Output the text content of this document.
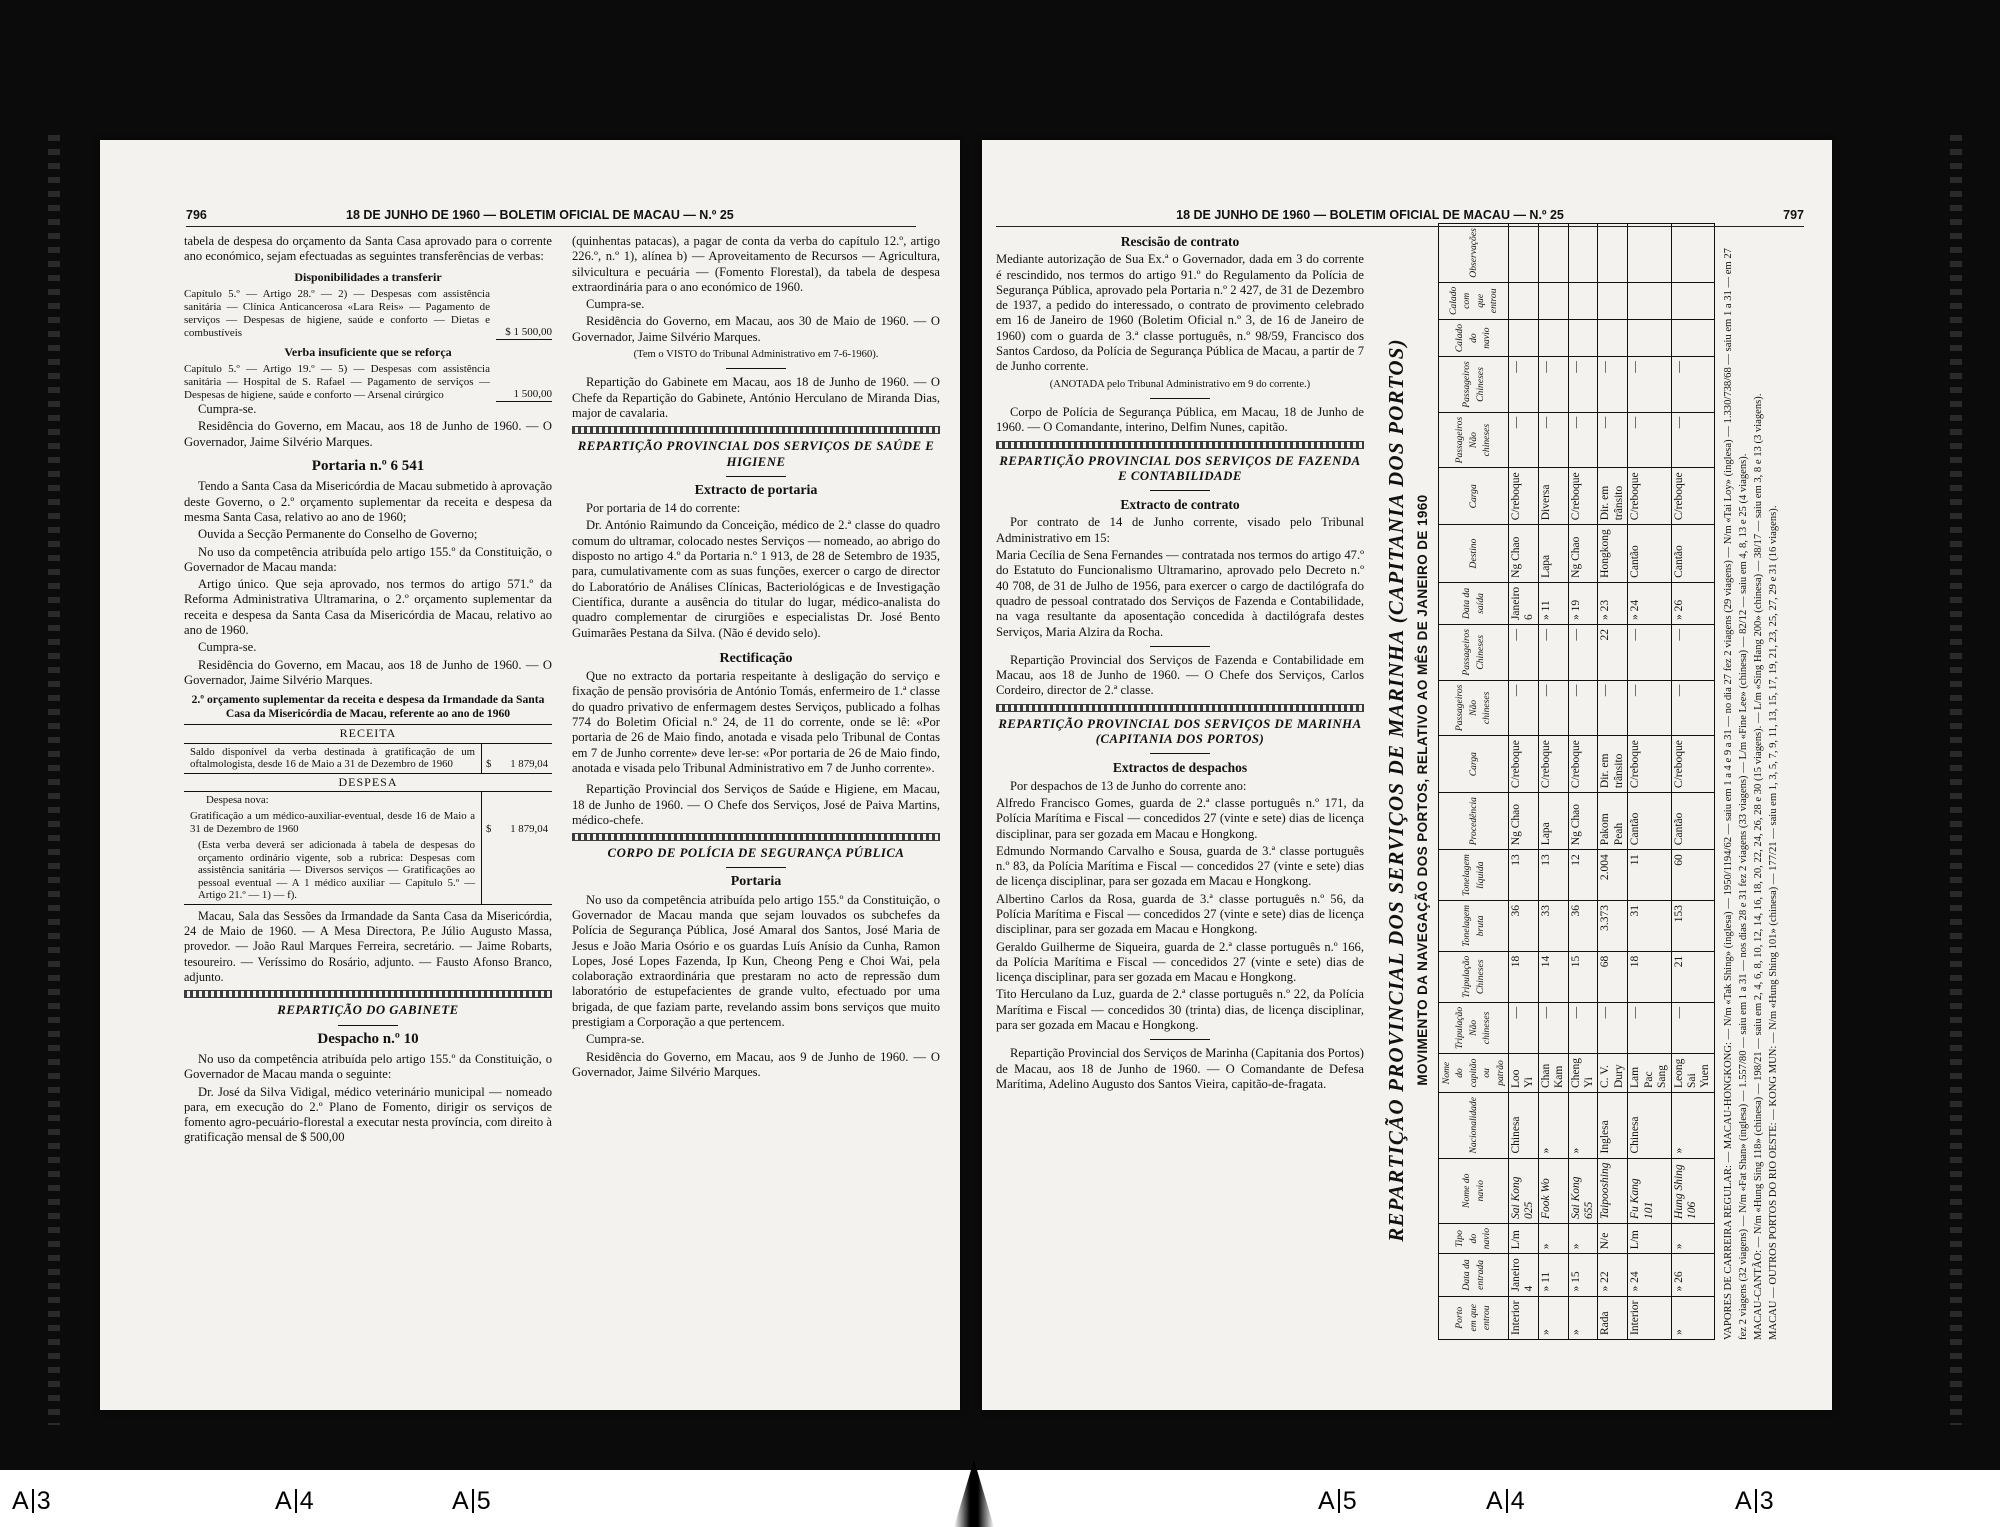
796	18 DE JUNHO DE 1960 — BOLETIM OFICIAL DE MACAU — N.º 25

tabela de despesa do orçamento da Santa Casa aprovado para o corrente ano económico, sejam efectuadas as seguintes transferências de verbas:

Disponibilidades a transferir
Capítulo 5.º — Artigo 28.º — 2) — Despesas com assistência sanitária — Clínica Anticancerosa «Lara Reis» — Pagamento de serviços — Despesas de higiene, saúde e conforto — Dietas e combustíveis	$ 1 500,00
Verba insuficiente que se reforça
Capítulo 5.º — Artigo 19.º — 5) — Despesas com assistência sanitária — Hospital de S. Rafael — Pagamento de serviços — Despesas de higiene, saúde e conforto — Arsenal cirúrgico	1 500,00

Cumpra-se.

Residência do Governo, em Macau, aos 18 de Junho de 1960. — O Governador, Jaime Silvério Marques.

Portaria n.º 6 541

Tendo a Santa Casa da Misericórdia de Macau submetido à aprovação deste Governo, o 2.º orçamento suplementar da receita e despesa da mesma Santa Casa, relativo ao ano de 1960;

Ouvida a Secção Permanente do Conselho de Governo;

No uso da competência atribuída pelo artigo 155.º da Constituição, o Governador de Macau manda:

Artigo único. Que seja aprovado, nos termos do artigo 571.º da Reforma Administrativa Ultramarina, o 2.º orçamento suplementar da receita e despesa da Santa Casa da Misericórdia de Macau, relativo ao ano de 1960.

Cumpra-se.

Residência do Governo, em Macau, aos 18 de Junho de 1960. — O Governador, Jaime Silvério Marques.

2.º orçamento suplementar da receita e despesa da Irmandade da Santa Casa da Misericórdia de Macau, referente ao ano de 1960
RECEITA
Saldo disponível da verba destinada à gratificação de um oftalmologista, desde 16 de Maio a 31 de Dezembro de 1960	$ 1 879,04
DESPESA
Despesa nova:
Gratificação a um médico-auxiliar-eventual, desde 16 de Maio a 31 de Dezembro de 1960	$ 1 879,04
(Esta verba deverá ser adicionada à tabela de despesas do orçamento ordinário vigente, sob a rubrica: Despesas com assistência sanitária — Diversos serviços — Gratificações ao pessoal eventual — A 1 médico auxiliar — Capítulo 5.º — Artigo 21.º — 1) — f).

Macau, Sala das Sessões da Irmandade da Santa Casa da Misericórdia, 24 de Maio de 1960. — A Mesa Directora, P.e Júlio Augusto Massa, provedor. — João Raul Marques Ferreira, secretário. — Jaime Robarts, tesoureiro. — Veríssimo do Rosário, adjunto. — Fausto Afonso Branco, adjunto.

REPARTIÇÃO DO GABINETE
Despacho n.º 10

No uso da competência atribuída pelo artigo 155.º da Constituição, o Governador de Macau manda o seguinte:

Dr. José da Silva Vidigal, médico veterinário municipal — nomeado para, em execução do 2.º Plano de Fomento, dirigir os serviços de fomento agro-pecuário-florestal a executar nesta província, com direito à gratificação mensal de $ 500,00

(quinhentas patacas), a pagar de conta da verba do capítulo 12.º, artigo 226.º, n.º 1), alínea b) — Aproveitamento de Recursos — Agricultura, silvicultura e pecuária — (Fomento Florestal), da tabela de despesa extraordinária para o ano económico de 1960.

Cumpra-se.

Residência do Governo, em Macau, aos 30 de Maio de 1960. — O Governador, Jaime Silvério Marques.

(Tem o VISTO do Tribunal Administrativo em 7-6-1960).

Repartição do Gabinete em Macau, aos 18 de Junho de 1960. — O Chefe da Repartição do Gabinete, António Herculano de Miranda Dias, major de cavalaria.

REPARTIÇÃO PROVINCIAL DOS SERVIÇOS DE SAÚDE E HIGIENE
Extracto de portaria

Por portaria de 14 do corrente:

Dr. António Raimundo da Conceição, médico de 2.ª classe do quadro comum do ultramar, colocado nestes Serviços — nomeado, ao abrigo do disposto no artigo 4.º da Portaria n.º 1 913, de 28 de Setembro de 1935, para, cumulativamente com as suas funções, exercer o cargo de director do Laboratório de Análises Clínicas, Bacteriológicas e de Investigação Científica, durante a ausência do titular do lugar, médico-analista do quadro complementar de cirurgiões e especialistas Dr. José Bento Guimarães Pestana da Silva. (Não é devido selo).

Rectificação

Que no extracto da portaria respeitante à desligação do serviço e fixação de pensão provisória de António Tomás, enfermeiro de 1.ª classe do quadro privativo de enfermagem destes Serviços, publicado a folhas 774 do Boletim Oficial n.º 24, de 11 do corrente, onde se lê: «Por portaria de 26 de Maio findo, anotada e visada pelo Tribunal de Contas em 7 de Junho corrente» deve ler-se: «Por portaria de 26 de Maio findo, anotada e visada pelo Tribunal Administrativo em 7 de Junho corrente».

Repartição Provincial dos Serviços de Saúde e Higiene, em Macau, 18 de Junho de 1960. — O Chefe dos Serviços, José de Paiva Martins, médico-chefe.

CORPO DE POLÍCIA DE SEGURANÇA PÚBLICA
Portaria

No uso da competência atribuída pelo artigo 155.º da Constituição, o Governador de Macau manda que sejam louvados os subchefes da Polícia de Segurança Pública, José Amaral dos Santos, José Maria de Jesus e João Maria Osório e os guardas Luís Anísio da Cunha, Ramon Lopes, José Lopes Fazenda, Ip Kun, Cheong Peng e Choi Wai, pela colaboração extraordinária que prestaram no acto de repressão dum laboratório de estupefacientes de grande vulto, efectuado por uma brigada, de que faziam parte, revelando assim bons serviços que muito prestigiam a Corporação a que pertencem.

Cumpra-se.

Residência do Governo, em Macau, aos 9 de Junho de 1960. — O Governador, Jaime Silvério Marques.

18 DE JUNHO DE 1960 — BOLETIM OFICIAL DE MACAU — N.º 25	797
Rescisão de contrato

Mediante autorização de Sua Ex.ª o Governador, dada em 3 do corrente é rescindido, nos termos do artigo 91.º do Regulamento da Polícia de Segurança Pública, aprovado pela Portaria n.º 2 427, de 31 de Dezembro de 1937, a pedido do interessado, o contrato de provimento celebrado em 16 de Janeiro de 1960 (Boletim Oficial n.º 3, de 16 de Janeiro de 1960) com o guarda de 3.ª classe português, n.º 98/59, Francisco dos Santos Cardoso, da Polícia de Segurança Pública de Macau, a partir de 7 de Junho corrente.

(ANOTADA pelo Tribunal Administrativo em 9 do corrente.)

Corpo de Polícia de Segurança Pública, em Macau, 18 de Junho de 1960. — O Comandante, interino, Delfim Nunes, capitão.

REPARTIÇÃO PROVINCIAL DOS SERVIÇOS DE FAZENDA E CONTABILIDADE
Extracto de contrato

Por contrato de 14 de Junho corrente, visado pelo Tribunal Administrativo em 15:

Maria Cecília de Sena Fernandes — contratada nos termos do artigo 47.º do Estatuto do Funcionalismo Ultramarino, aprovado pelo Decreto n.º 40 708, de 31 de Julho de 1956, para exercer o cargo de dactilógrafa do quadro de pessoal contratado dos Serviços de Fazenda e Contabilidade, na vaga resultante da aposentação concedida à dactilógrafa destes Serviços, Maria Alzira da Rocha.

Repartição Provincial dos Serviços de Fazenda e Contabilidade em Macau, aos 18 de Junho de 1960. — O Chefe dos Serviços, Carlos Cordeiro, director de 2.ª classe.

REPARTIÇÃO PROVINCIAL DOS SERVIÇOS DE MARINHA (CAPITANIA DOS PORTOS)
Extractos de despachos

Por despachos de 13 de Junho do corrente ano:

Alfredo Francisco Gomes, guarda de 2.ª classe português n.º 171, da Polícia Marítima e Fiscal — concedidos 27 (vinte e sete) dias de licença disciplinar, para ser gozada em Macau e Hongkong.

Edmundo Normando Carvalho e Sousa, guarda de 3.ª classe português n.º 83, da Polícia Marítima e Fiscal — concedidos 27 (vinte e sete) dias de licença disciplinar, para ser gozada em Macau e Hongkong.

Albertino Carlos da Rosa, guarda de 3.ª classe português n.º 56, da Polícia Marítima e Fiscal — concedidos 27 (vinte e sete) dias de licença disciplinar, para ser gozada em Macau e Hongkong.

Geraldo Guilherme de Siqueira, guarda de 2.ª classe português n.º 166, da Polícia Marítima e Fiscal — concedidos 27 (vinte e sete) dias de licença disciplinar, para ser gozada em Macau e Hongkong.

Tito Herculano da Luz, guarda de 2.ª classe português n.º 22, da Polícia Marítima e Fiscal — concedidos 30 (trinta) dias, de licença disciplinar, para ser gozada em Macau e Hongkong.

Repartição Provincial dos Serviços de Marinha (Capitania dos Portos) de Macau, aos 18 de Junho de 1960. — O Comandante de Defesa Marítima, Adelino Augusto dos Santos Vieira, capitão-de-fragata.	REPARTIÇÃO PROVINCIAL DOS SERVIÇOS DE MARINHA (CAPITANIA DOS PORTOS) MOVIMENTO DA NAVEGAÇÃO DOS PORTOS, RELATIVO AO MÊS DE JANEIRO DE 1960
Porto em que entrou	Data da entrada	Tipo do navio	Nome do navio	Nacionalidade	Nome do capitão ou patrão	Tripulação Não chineses	Tripulação Chineses	Tonelagem bruta	Tonelagem líquida	Procedência	Carga	Passageiros Não chineses	Passageiros Chineses	Data da saída	Destino	Carga	Passageiros Não chineses	Passageiros Chineses	Calado do navio	Calado com que entrou	Observações
Interior	Janeiro 4	L/m	Sai Kong 025	Chinesa	Loo Yi	—	18	36	13	Ng Chao	C/reboque	—	—	Janeiro 6	Ng Chao	C/reboque	—	—			
»	» 11	»	Fook Wo	»	Chan Kam	—	14	33	13	Lapa	C/reboque	—	—	» 11	Lapa	Diversa	—	—			
»	» 15	»	Sai Kong 655	»	Cheng Yi	—	15	36	12	Ng Chao	C/reboque	—	—	» 19	Ng Chao	C/reboque	—	—			
Rada	» 22	N/e	Taipooshing	Inglesa	C. V. Dury	—	68	3.373	2.004	Pakom Peah	Dir. em trânsito	—	22	» 23	Hongkong	Dir. em trânsito	—	—			
Interior	» 24	L/m	Fu Kang 101	Chinesa	Lam Pac Sang	—	18	31	11	Cantão	C/reboque	—	—	» 24	Cantão	C/reboque	—	—			
»	» 26	»	Hung Shing 106	»	Leong Sai Yuen	—	21	153	60	Cantão	C/reboque	—	—	» 26	Cantão	C/reboque	—	—				VAPORES DE CARREIRA REGULAR: — MACAU-HONGKONG: — N/m «Tak Shing» (inglesa) — 1950/1194/62 — saiu em 1 a 4 e 9 a 31 — no dia 27 fez 2 viagens (29 viagens) — N/m «Tai Loy» (inglesa) — 1.330/738/68 — saiu em 1 a 31 — em 27 fez 2 viagens (32 viagens) — N/m «Fat Shan» (inglesa) — 1.557/80 — saiu em 1 a 31 — nos dias 28 e 31 fez 2 viagens (33 viagens) — L/m «Fine Lee» (chinesa) — 82/12 — saiu em 4, 8, 13 e 25 (4 viagens). MACAU-CANTÃO: — N/m «Hung Sing 118» (chinesa) — 198/21 — saiu em 2, 4, 6, 8, 10, 12, 14, 16, 18, 20, 22, 24, 26, 28 e 30 (15 viagens). — L/m «Sing Hang 200» (chinesa) — 38/17 — saiu em 3, 8 e 13 (3 viagens). MACAU — OUTROS PORTOS DO RIO OESTE: — KONG MUN: — N/m «Hung Shing 101» (chinesa) — 177/21 — saiu em 1, 3, 5, 7, 9, 11, 13, 15, 17, 19, 21, 23, 25, 27, 29 e 31 (16 viagens).

A 3	A 4	A 5	A 5	A 4	A 3
